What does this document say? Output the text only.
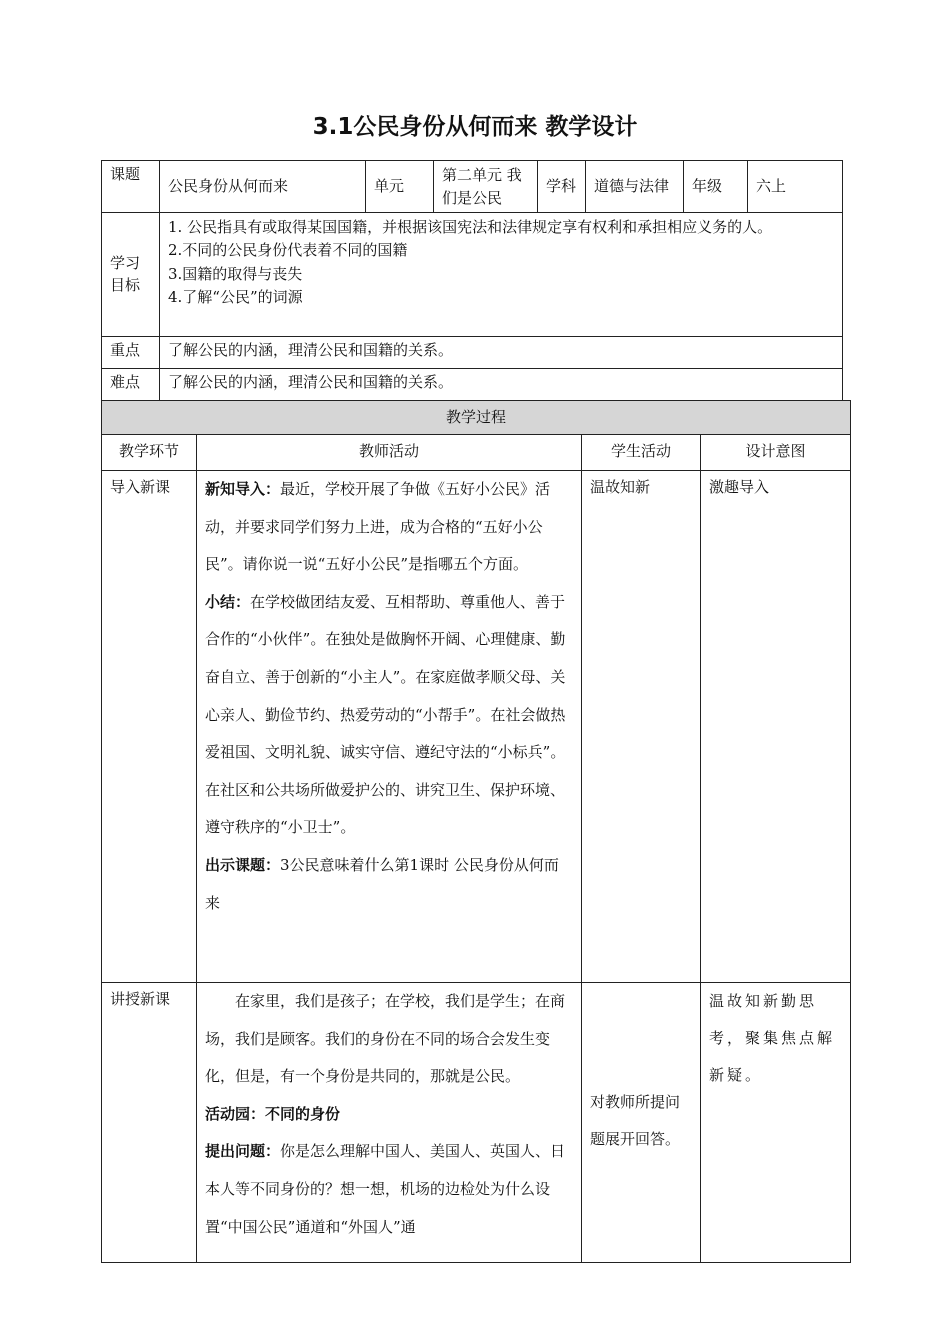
3.1公民身份从何而来 教学设计
课题	公民身份从何而来	单元	第二单元 我们是公民	学科	道德与法律	年级	六上
学习目标	1. 公民指具有或取得某国国籍，并根据该国宪法和法律规定享有权利和承担相应义务的人。

2.不同的公民身份代表着不同的国籍

3.国籍的取得与丧失

4.了解“公民”的词源						

重点	了解公民的内涵，理清公民和国籍的关系。						
难点	了解公民的内涵，理清公民和国籍的关系。						
教学过程			
教学环节	教师活动	学生活动	设计意图
导入新课	新知导入：最近，学校开展了争做《五好小公民》活动，并要求同学们努力上进，成为合格的“五好小公民”。请你说一说“五好小公民”是指哪五个方面。

小结：在学校做团结友爱、互相帮助、尊重他人、善于合作的“小伙伴”。在独处是做胸怀开阔、心理健康、勤奋自立、善于创新的“小主人”。在家庭做孝顺父母、关心亲人、勤俭节约、热爱劳动的“小帮手”。在社会做热爱祖国、文明礼貌、诚实守信、遵纪守法的“小标兵”。在社区和公共场所做爱护公的、讲究卫生、保护环境、遵守秩序的“小卫士”。

出示课题：3公民意味着什么第1课时 公民身份从何而来	温故知新	激趣导入
讲授新课	　　在家里，我们是孩子；在学校，我们是学生；在商场，我们是顾客。我们的身份在不同的场合会发生变化，但是，有一个身份是共同的，那就是公民。

活动园：不同的身份

提出问题：你是怎么理解中国人、美国人、英国人、日本人等不同身份的？想一想，机场的边检处为什么设置“中国公民”通道和“外国人”通	对教师所提问题展开回答。	温故知新勤思考，聚集焦点解新疑。
